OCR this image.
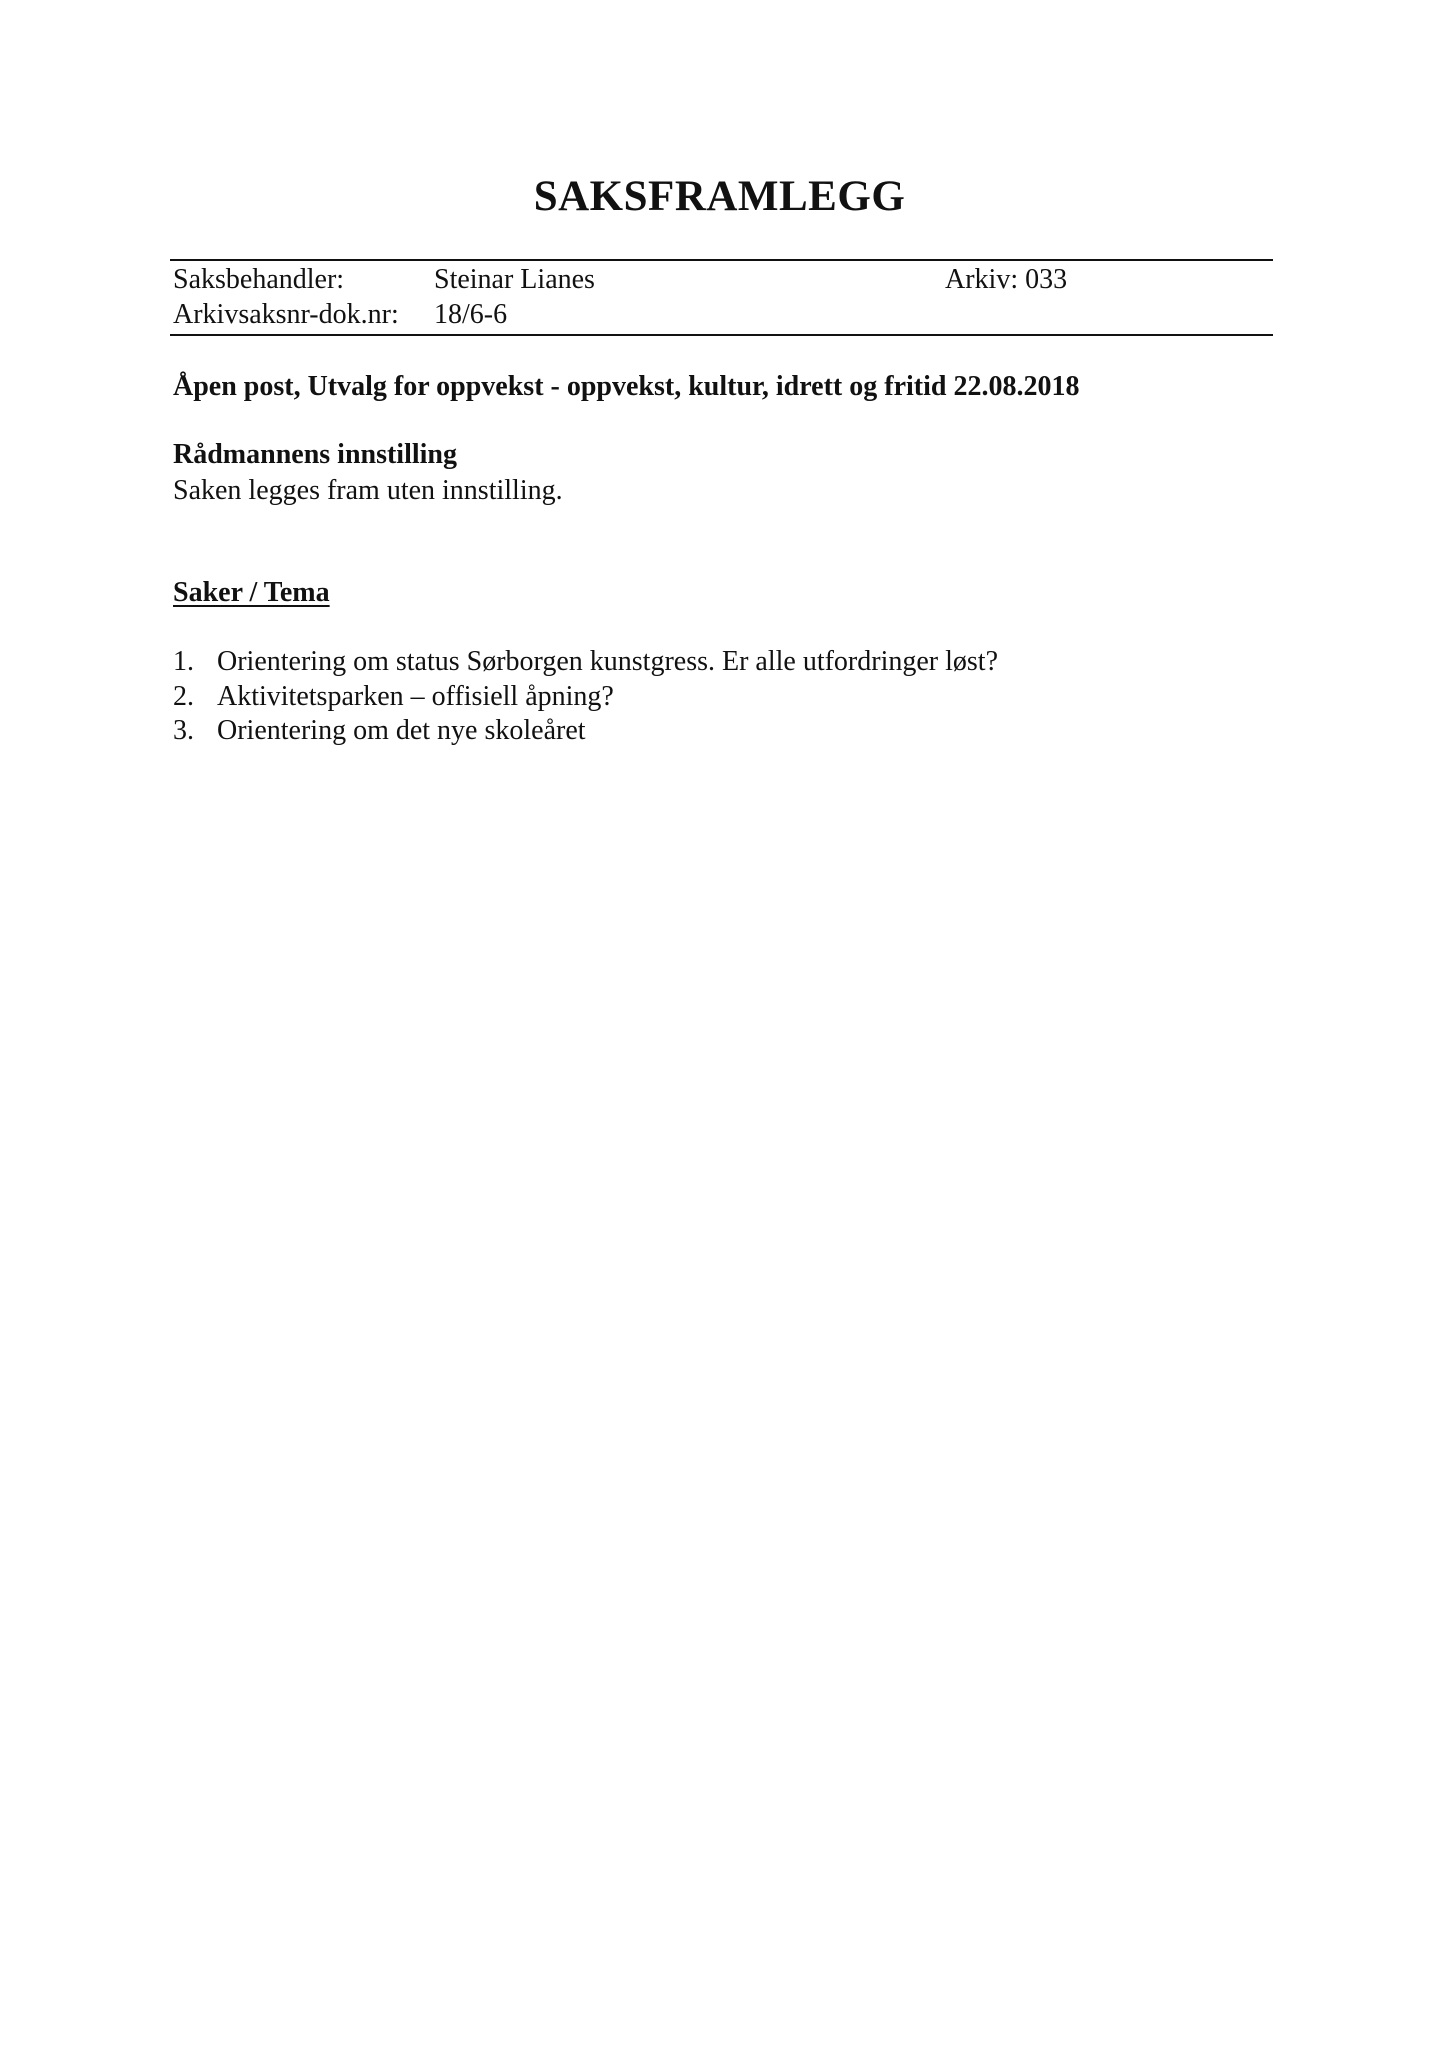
SAKSFRAMLEGG
Saksbehandler:	Steinar Lianes	Arkiv: 033
Arkivsaksnr-dok.nr: 18/6-6
Åpen post, Utvalg for oppvekst - oppvekst, kultur, idrett og fritid 22.08.2018
Rådmannens innstilling
Saken legges fram uten innstilling.
Saker / Tema
1. Orientering om status Sørborgen kunstgress. Er alle utfordringer løst?
2. Aktivitetsparken – offisiell åpning?
3. Orientering om det nye skoleåret
